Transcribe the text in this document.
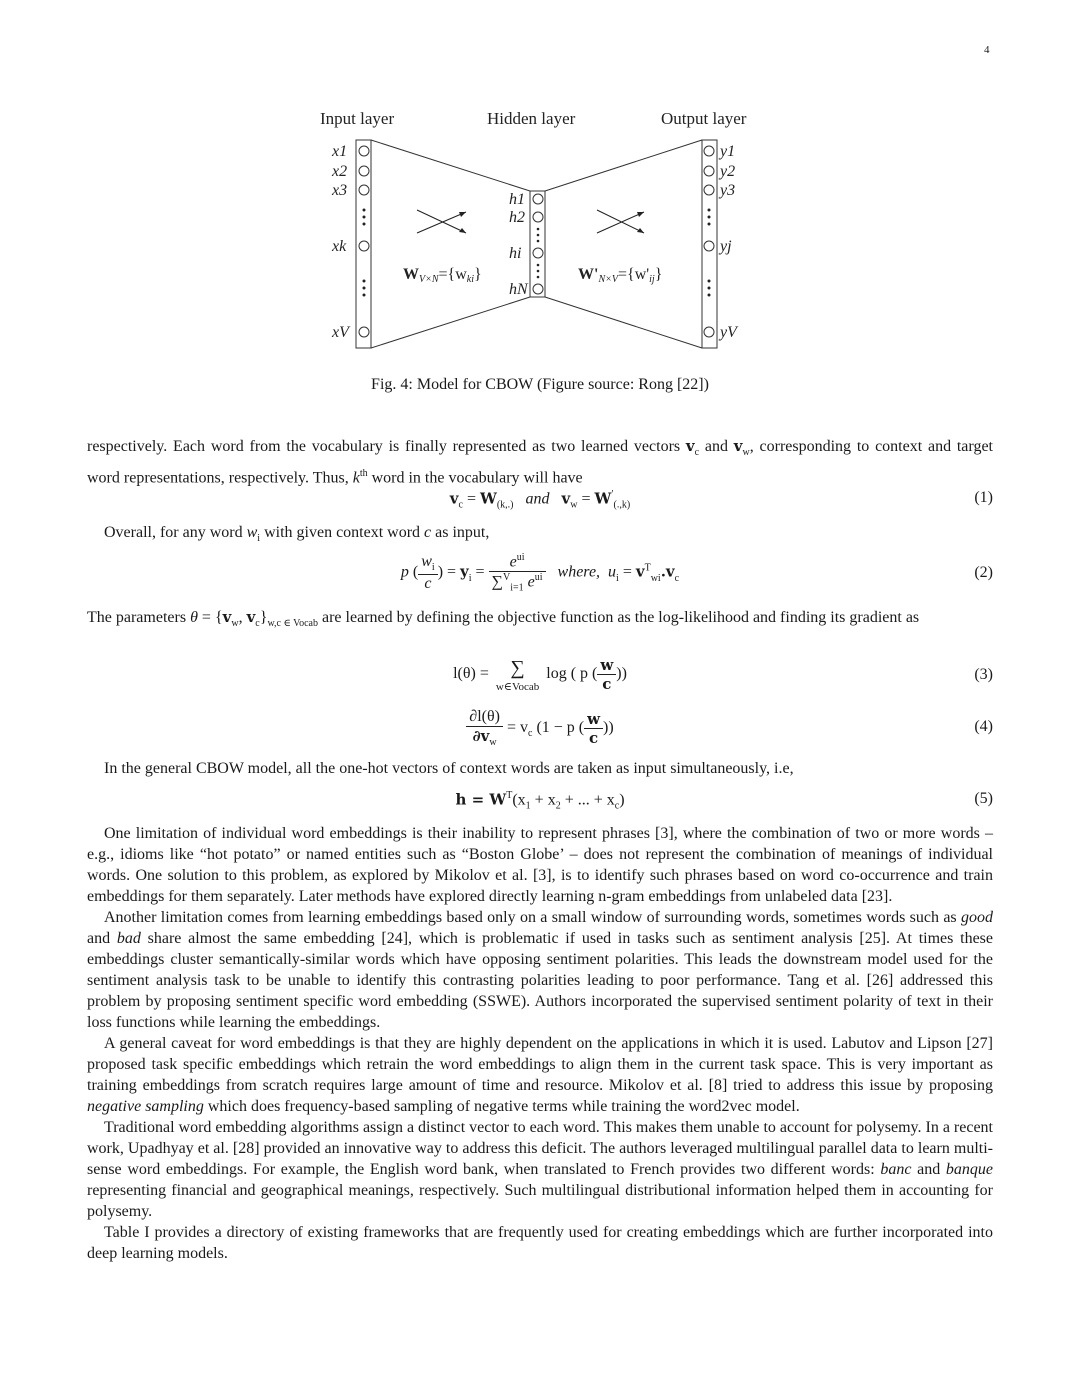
4
Input layer	Hidden layer	Output layer
x1
x2
x3
xk
xV
h1
h2
hi
hN
y1
y2
y3
yj
yV
WV×N={wki}	W'N×V={w'ij}
Fig. 4: Model for CBOW (Figure source: Rong [22])

respectively. Each word from the vocabulary is finally represented as two learned vectors $v_c$ and $v_w$, corresponding to context and target word representations, respectively. Thus, $k^{th}$ word in the vocabulary will have

$v_c = W_{(k,.)}$ and $v_w = W'_{(.,k)}$	(1)

Overall, for any word $w_i$ with given context word c as input,

p ( $\frac{w_i}{c}$ ) = $y_i = \frac{e^{ui}}{\sum^V_{i=1} e^{ui}}$ where, $u_i = v^T_{wi}.v_c$	(2)

The parameters $\theta = \{v_w$, $v_c\}_{w,c \in Vocab}$ are learned by defining the objective function as the log-likelihood and finding its gradient as

l(θ) = ∑
w∈Vocab
log ( p ( $\frac{w}{c}$ ))	(3)
$\frac{\partial l(\theta)}{\partial v_w} = v_c$ (1 − p ( $\frac{w}{c}$ ))	(4)

In the general CBOW model, all the one-hot vectors of context words are taken as input simultaneously, i.e,

$h = W^T(x_1 + x_2$ + ... + $x_c$)	(5)

One limitation of individual word embeddings is their inability to represent phrases [3], where the combination of two or more words – e.g., idioms like “hot potato” or named entities such as “Boston Globe’ – does not represent the combination of meanings of individual words. One solution to this problem, as explored by Mikolov et al. [3], is to identify such phrases based on word co-occurrence and train embeddings for them separately. Later methods have explored directly learning n-gram embeddings from unlabeled data [23].

Another limitation comes from learning embeddings based only on a small window of surrounding words, sometimes words such as good and bad share almost the same embedding [24], which is problematic if used in tasks such as sentiment analysis [25]. At times these embeddings cluster semantically-similar words which have opposing sentiment polarities. This leads the downstream model used for the sentiment analysis task to be unable to identify this contrasting polarities leading to poor performance. Tang et al. [26] addressed this problem by proposing sentiment specific word embedding (SSWE). Authors incorporated the supervised sentiment polarity of text in their loss functions while learning the embeddings.

A general caveat for word embeddings is that they are highly dependent on the applications in which it is used. Labutov and Lipson [27] proposed task specific embeddings which retrain the word embeddings to align them in the current task space. This is very important as training embeddings from scratch requires large amount of time and resource. Mikolov et al. [8] tried to address this issue by proposing negative sampling which does frequency-based sampling of negative terms while training the word2vec model.

Traditional word embedding algorithms assign a distinct vector to each word. This makes them unable to account for polysemy. In a recent work, Upadhyay et al. [28] provided an innovative way to address this deficit. The authors leveraged multilingual parallel data to learn multi-sense word embeddings. For example, the English word bank, when translated to French provides two different words: banc and banque representing financial and geographical meanings, respectively. Such multilingual distributional information helped them in accounting for polysemy.

Table I provides a directory of existing frameworks that are frequently used for creating embeddings which are further incorporated into deep learning models.
